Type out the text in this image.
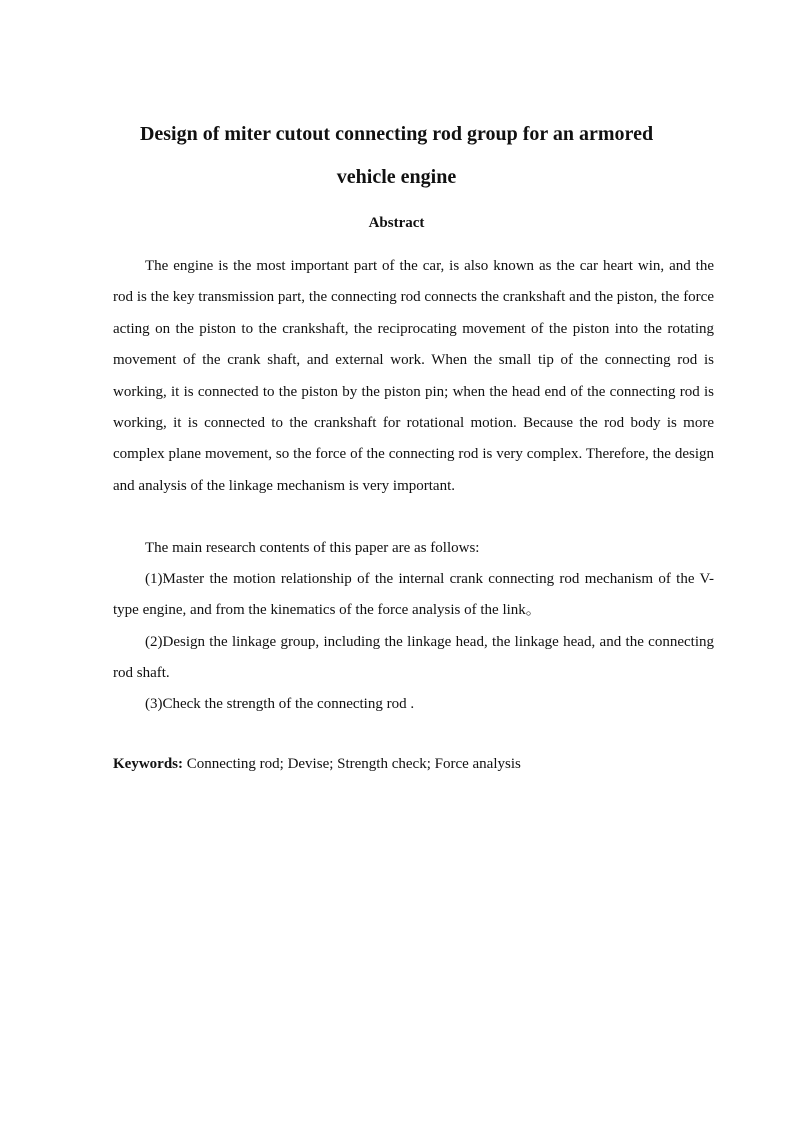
Design of miter cutout connecting rod group for an armored
vehicle engine
Abstract
The engine is the most important part of the car, is also known as the car heart win, and the rod is the key transmission part, the connecting rod connects the crankshaft and the piston, the force acting on the piston to the crankshaft, the reciprocating movement of the piston into the rotating movement of the crank shaft, and external work. When the small tip of the connecting rod is working, it is connected to the piston by the piston pin; when the head end of the connecting rod is working, it is connected to the crankshaft for rotational motion. Because the rod body is more complex plane movement, so the force of the connecting rod is very complex. Therefore, the design and analysis of the linkage mechanism is very important.
The main research contents of this paper are as follows:
(1)Master the motion relationship of the internal crank connecting rod mechanism of the V-type engine, and from the kinematics of the force analysis of the link。
(2)Design the linkage group, including the linkage head, the linkage head, and the connecting rod shaft.
(3)Check the strength of the connecting rod .
Keywords: Connecting rod; Devise; Strength check; Force analysis
